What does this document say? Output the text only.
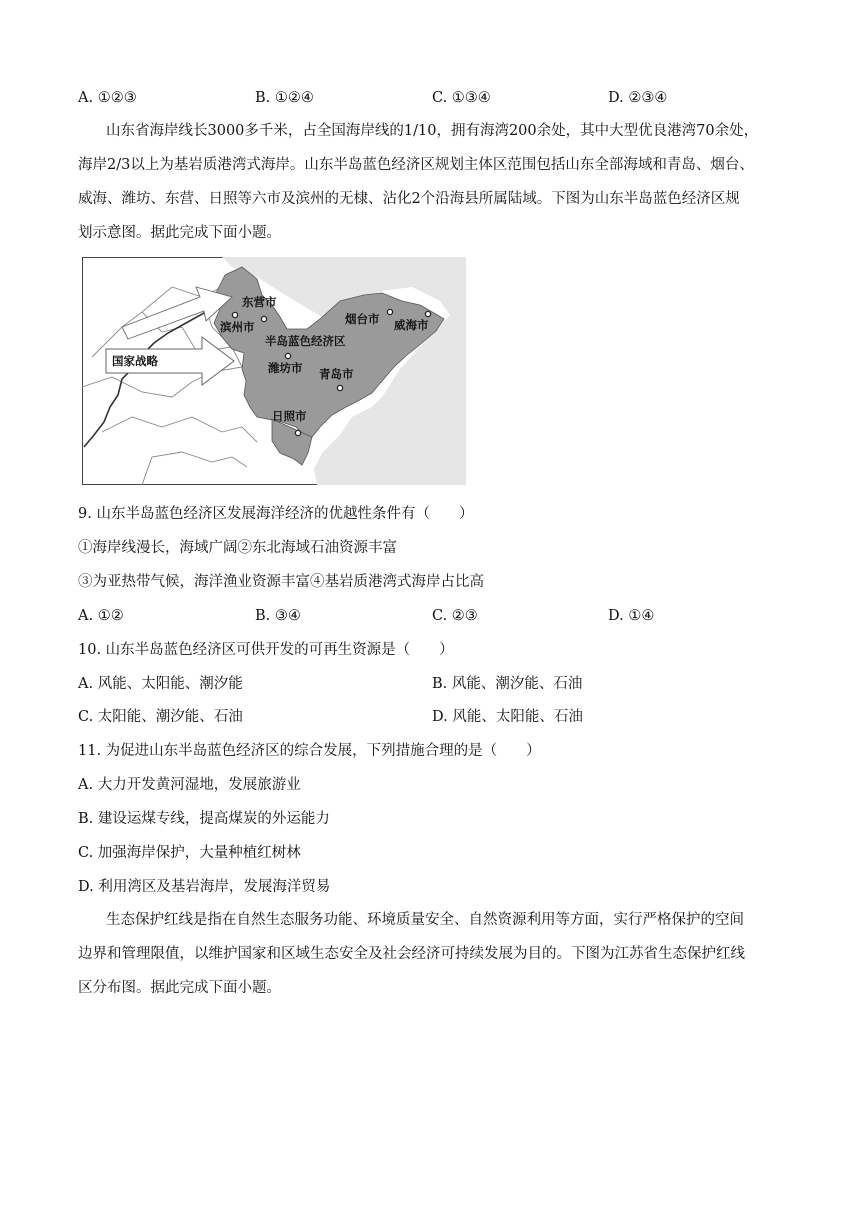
A. ①②③	B. ①②④	C. ①③④	D. ②③④
山东省海岸线长3000多千米，占全国海岸线的1/10，拥有海湾200余处，其中大型优良港湾70余处，
海岸2/3以上为基岩质港湾式海岸。山东半岛蓝色经济区规划主体区范围包括山东全部海域和青岛、烟台、
威海、潍坊、东营、日照等六市及滨州的无棣、沾化2个沿海县所属陆域。下图为山东半岛蓝色经济区规
划示意图。据此完成下面小题。
东营市
滨州市
半岛蓝色经济区
潍坊市 青岛市
烟台市 威海市
日照市
国家战略
9. 山东半岛蓝色经济区发展海洋经济的优越性条件有（　　）
①海岸线漫长，海域广阔②东北海域石油资源丰富
③为亚热带气候，海洋渔业资源丰富④基岩质港湾式海岸占比高
A. ①②	B. ③④	C. ②③	D. ①④
10. 山东半岛蓝色经济区可供开发的可再生资源是（　　）
A. 风能、太阳能、潮汐能	B. 风能、潮汐能、石油
C. 太阳能、潮汐能、石油	D. 风能、太阳能、石油
11. 为促进山东半岛蓝色经济区的综合发展，下列措施合理的是（　　）
A. 大力开发黄河湿地，发展旅游业
B. 建设运煤专线，提高煤炭的外运能力
C. 加强海岸保护，大量种植红树林
D. 利用湾区及基岩海岸，发展海洋贸易
生态保护红线是指在自然生态服务功能、环境质量安全、自然资源利用等方面，实行严格保护的空间
边界和管理限值，以维护国家和区域生态安全及社会经济可持续发展为目的。下图为江苏省生态保护红线
区分布图。据此完成下面小题。
